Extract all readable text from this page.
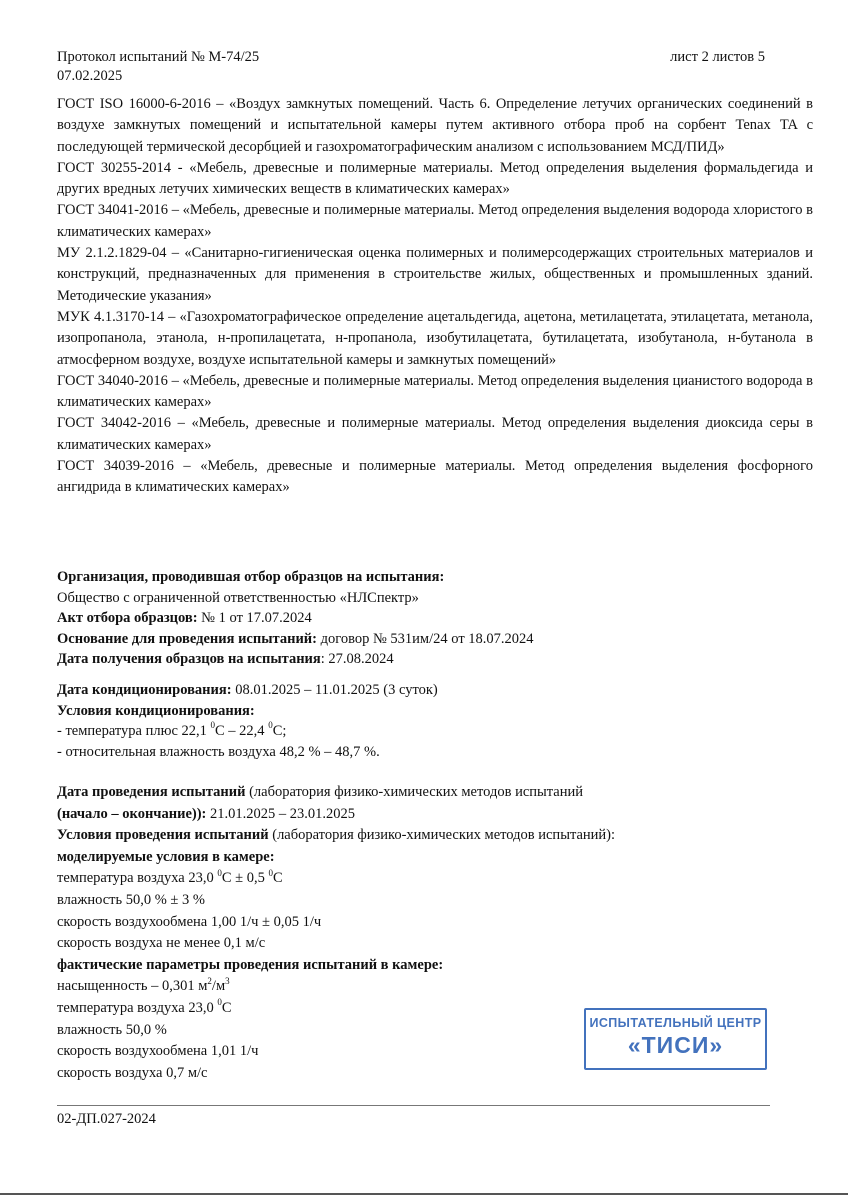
Протокол испытаний № М-74/25
07.02.2025
лист 2 листов 5

ГОСТ ISO 16000-6-2016 – «Воздух замкнутых помещений. Часть 6. Определение летучих органических соединений в воздухе замкнутых помещений и испытательной камеры путем активного отбора проб на сорбент Tenax TA с последующей термической десорбцией и газохроматографическим анализом с использованием МСД/ПИД»

ГОСТ 30255-2014 - «Мебель, древесные и полимерные материалы. Метод определения выделения формальдегида и других вредных летучих химических веществ в климатических камерах»

ГОСТ 34041-2016 – «Мебель, древесные и полимерные материалы. Метод определения выделения водорода хлористого в климатических камерах»

МУ 2.1.2.1829-04 – «Санитарно-гигиеническая оценка полимерных и полимерсодержащих строительных материалов и конструкций, предназначенных для применения в строительстве жилых, общественных и промышленных зданий. Методические указания»

МУК 4.1.3170-14 – «Газохроматографическое определение ацетальдегида, ацетона, метилацетата, этилацетата, метанола, изопропанола, этанола, н-пропилацетата, н-пропанола, изобутилацетата, бутилацетата, изобутанола, н-бутанола в атмосферном воздухе, воздухе испытательной камеры и замкнутых помещений»

ГОСТ 34040-2016 – «Мебель, древесные и полимерные материалы. Метод определения выделения цианистого водорода в климатических камерах»

ГОСТ 34042-2016 – «Мебель, древесные и полимерные материалы. Метод определения выделения диоксида серы в климатических камерах»

ГОСТ 34039-2016 – «Мебель, древесные и полимерные материалы. Метод определения выделения фосфорного ангидрида в климатических камерах»

Организация, проводившая отбор образцов на испытания:

Общество с ограниченной ответственностью «НЛСпектр»

Акт отбора образцов: № 1 от 17.07.2024

Основание для проведения испытаний: договор № 531им/24 от 18.07.2024

Дата получения образцов на испытания: 27.08.2024

Дата кондиционирования: 08.01.2025 – 11.01.2025 (3 суток)

Условия кондиционирования:

- температура плюс 22,1 $^0$C – 22,4 $^0$C;

- относительная влажность воздуха 48,2 % – 48,7 %.

Дата проведения испытаний (лаборатория физико-химических методов испытаний

(начало – окончание)): 21.01.2025 – 23.01.2025

Условия проведения испытаний (лаборатория физико-химических методов испытаний):

моделируемые условия в камере:

температура воздуха 23,0 $^0$C ± 0,5 $^0$C

влажность 50,0 % ± 3 %

скорость воздухообмена 1,00 1/ч ± 0,05 1/ч

скорость воздуха не менее 0,1 м/с

фактические параметры проведения испытаний в камере:

насыщенность – 0,301 $м^2/м^3$

температура воздуха 23,0 $^0$C

влажность 50,0 %

скорость воздухообмена 1,01 1/ч

скорость воздуха 0,7 м/с

ИСПЫТАТЕЛЬНЫЙ ЦЕНТР
«ТИСИ»
02-ДП.027-2024
